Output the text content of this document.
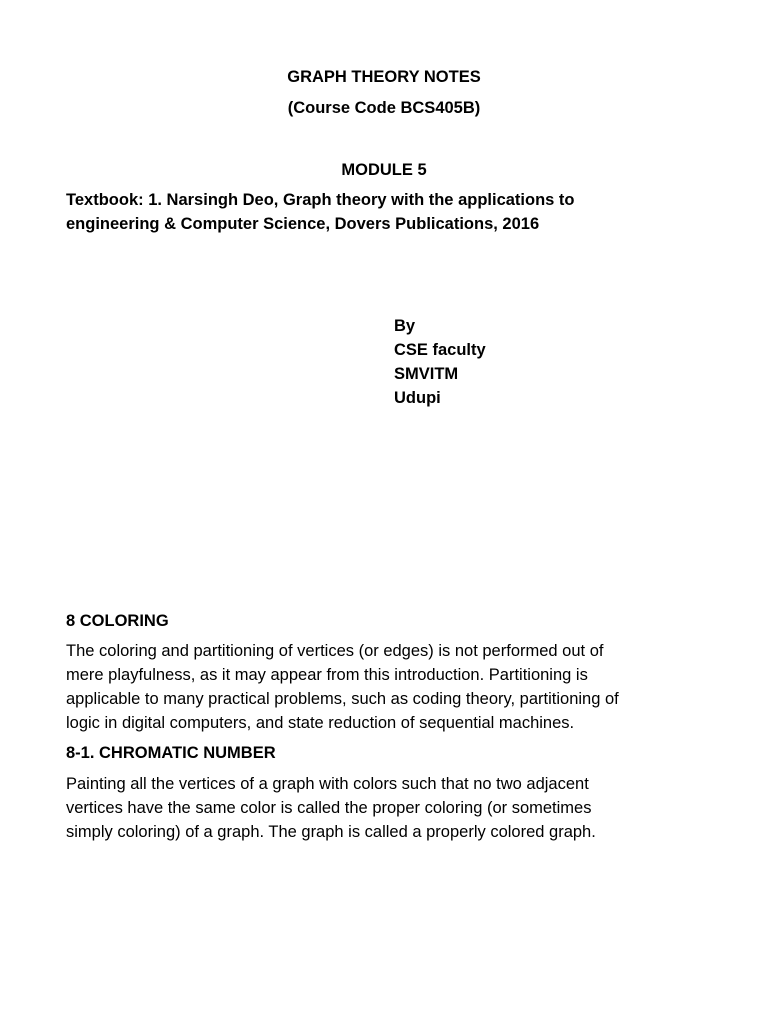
GRAPH THEORY NOTES
(Course Code BCS405B)
MODULE 5
Textbook: 1. Narsingh Deo, Graph theory with the applications to
engineering & Computer Science, Dovers Publications, 2016
By
CSE faculty
SMVITM
Udupi
8 COLORING
The coloring and partitioning of vertices (or edges) is not performed out of
mere playfulness, as it may appear from this introduction. Partitioning is
applicable to many practical problems, such as coding theory, partitioning of
logic in digital computers, and state reduction of sequential machines.
8-1. CHROMATIC NUMBER
Painting all the vertices of a graph with colors such that no two adjacent
vertices have the same color is called the proper coloring (or sometimes
simply coloring) of a graph. The graph is called a properly colored graph.
